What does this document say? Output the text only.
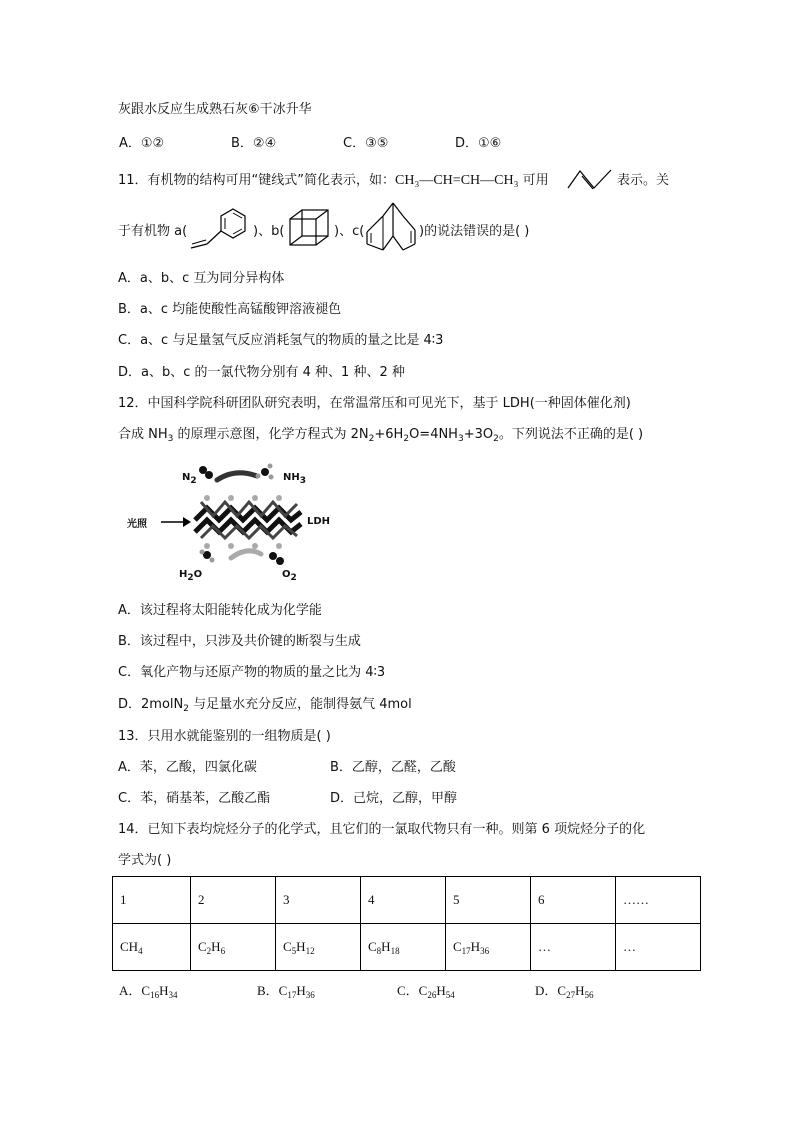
灰跟水反应生成熟石灰⑥干冰升华
A．①②	B．②④	C．③⑤	D．①⑥
11．有机物的结构可用“键线式”简化表示，如：CH₃—CH=CH—CH₃ 可用	表示。关
于有机物 a(	)、b(	)、c(	)的说法错误的是( )
A．a、b、c 互为同分异构体
B．a、c 均能使酸性高锰酸钾溶液褪色
C．a、c 与足量氢气反应消耗氢气的物质的量之比是 4∶3
D．a、b、c 的一氯代物分别有 4 种、1 种、2 种
12．中国科学院科研团队研究表明，在常温常压和可见光下，基于 LDH(一种固体催化剂)
合成 $NH_3$ 的原理示意图，化学方程式为 $2N_2+6H_2O=4NH_3+3O_2$。下列说法不正确的是( )
$N_2$	$NH_3$
光照	LDH
$H_2O$	$O_2$
A．该过程将太阳能转化成为化学能
B．该过程中，只涉及共价键的断裂与生成
C．氧化产物与还原产物的物质的量之比为 4∶3
D．2molN$_2$ 与足量水充分反应，能制得氨气 4mol
13．只用水就能鉴别的一组物质是( )
A．苯，乙酸，四氯化碳	B．乙醇，乙醛，乙酸
C．苯，硝基苯，乙酸乙酯	D．己烷，乙醇，甲醇
14．已知下表均烷烃分子的化学式，且它们的一氯取代物只有一种。则第 6 项烷烃分子的化
学式为( )
1	2	3	4	5	6	……
$CH_4$	$C_2H_6$	$C_5H_{12}$	$C_8H_{18}$	$C_{17}H_{36}$	…	…
A．$C_{16}H_{34}$	B．$C_{17}H_{36}$	C．$C_{26}H_{54}$	D．$C_{27}H_{56}$
